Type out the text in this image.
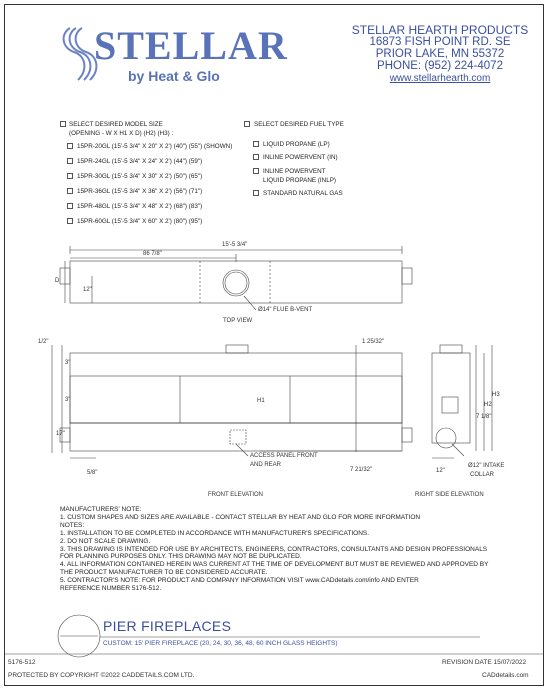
STELLAR
by Heat & Glo
STELLAR HEARTH PRODUCTS
16873 FISH POINT RD. SE
PRIOR LAKE, MN 55372
PHONE: (952) 224-4072
www.stellarhearth.com
SELECT DESIRED MODEL SIZE
(OPENING - W X H1 X D) (H2) (H3) :
15PR-20GL (15'-5 3/4" X 20" X 2') (40") (55") (SHOWN)
15PR-24GL (15'-5 3/4" X 24" X 2') (44") (59")
15PR-30GL (15'-5 3/4" X 30" X 2') (50") (65")
15PR-36GL (15'-5 3/4" X 36" X 2') (56") (71")
15PR-48GL (15'-5 3/4" X 48" X 2') (68") (83")
15PR-60GL (15'-5 3/4" X 60" X 2') (80") (95")
SELECT DESIRED FUEL TYPE
LIQUID PROPANE (LP)
INLINE POWERVENT (IN)
INLINE POWERVENT
LIQUID PROPANE (INLP)
STANDARD NATURAL GAS
15'-5 3/4"
86 7/8"
D
12"
Ø14" FLUE B-VENT
TOP VIEW
1/2"
3"
3"	H1
17"
5/8"
ACCESS PANEL FRONT
AND REAR
7 21/32"
1 25/32"
7 1/8"
H2
H3
12"
Ø12" INTAKE
COLLAR
FRONT ELEVATION	RIGHT SIDE ELEVATION
MANUFACTURERS' NOTE:
1. CUSTOM SHAPES AND SIZES ARE AVAILABLE - CONTACT STELLAR BY HEAT AND GLO FOR MORE INFORMATION
NOTES:
1. INSTALLATION TO BE COMPLETED IN ACCORDANCE WITH MANUFACTURER'S SPECIFICATIONS.
2. DO NOT SCALE DRAWING.
3. THIS DRAWING IS INTENDED FOR USE BY ARCHITECTS, ENGINEERS, CONTRACTORS, CONSULTANTS AND DESIGN PROFESSIONALS
FOR PLANNING PURPOSES ONLY. THIS DRAWING MAY NOT BE DUPLICATED.
4. ALL INFORMATION CONTAINED HEREIN WAS CURRENT AT THE TIME OF DEVELOPMENT BUT MUST BE REVIEWED AND APPROVED BY
THE PRODUCT MANUFACTURER TO BE CONSIDERED ACCURATE.
5. CONTRACTOR'S NOTE: FOR PRODUCT AND COMPANY INFORMATION VISIT www.CADdetails.com/info AND ENTER
REFERENCE NUMBER 5176-512.
PIER FIREPLACES
CUSTOM: 15' PIER FIREPLACE (20, 24, 30, 36, 48, 60 INCH GLASS HEIGHTS)
5176-512	REVISION DATE 15/07/2022
PROTECTED BY COPYRIGHT ©2022 CADDETAILS.COM LTD.	CADdetails.com
